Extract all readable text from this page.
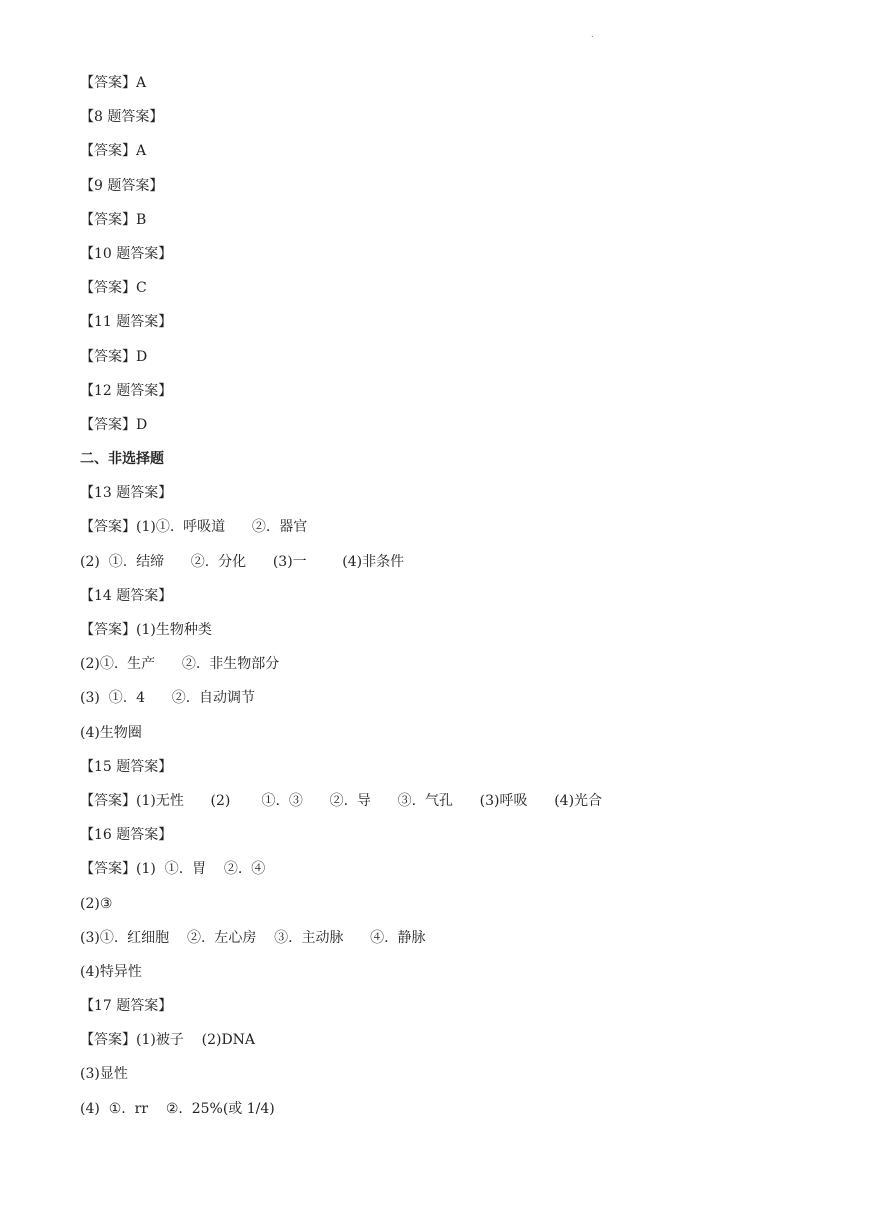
.
【答案】A
【8 题答案】
【答案】A
【9 题答案】
【答案】B
【10 题答案】
【答案】C
【11 题答案】
【答案】D
【12 题答案】
【答案】D
二、非选择题
【13 题答案】
【答案】(1)①.  呼吸道      ②.  器官
(2)  ①.  结缔      ②.  分化      (3)一        (4)非条件
【14 题答案】
【答案】(1)生物种类
(2)①.  生产      ②.  非生物部分
(3)  ①.  4      ②.  自动调节
(4)生物圈
【15 题答案】
【答案】(1)无性      (2)       ①.  ③      ②.  导      ③.  气孔      (3)呼吸      (4)光合
【16 题答案】
【答案】(1)  ①.  胃    ②.  ④
(2)③
(3)①.  红细胞    ②.  左心房    ③.  主动脉      ④.  静脉
(4)特异性
【17 题答案】
【答案】(1)被子    (2)DNA
(3)显性
(4)  ①.  rr    ②.  25%(或 1/4)
